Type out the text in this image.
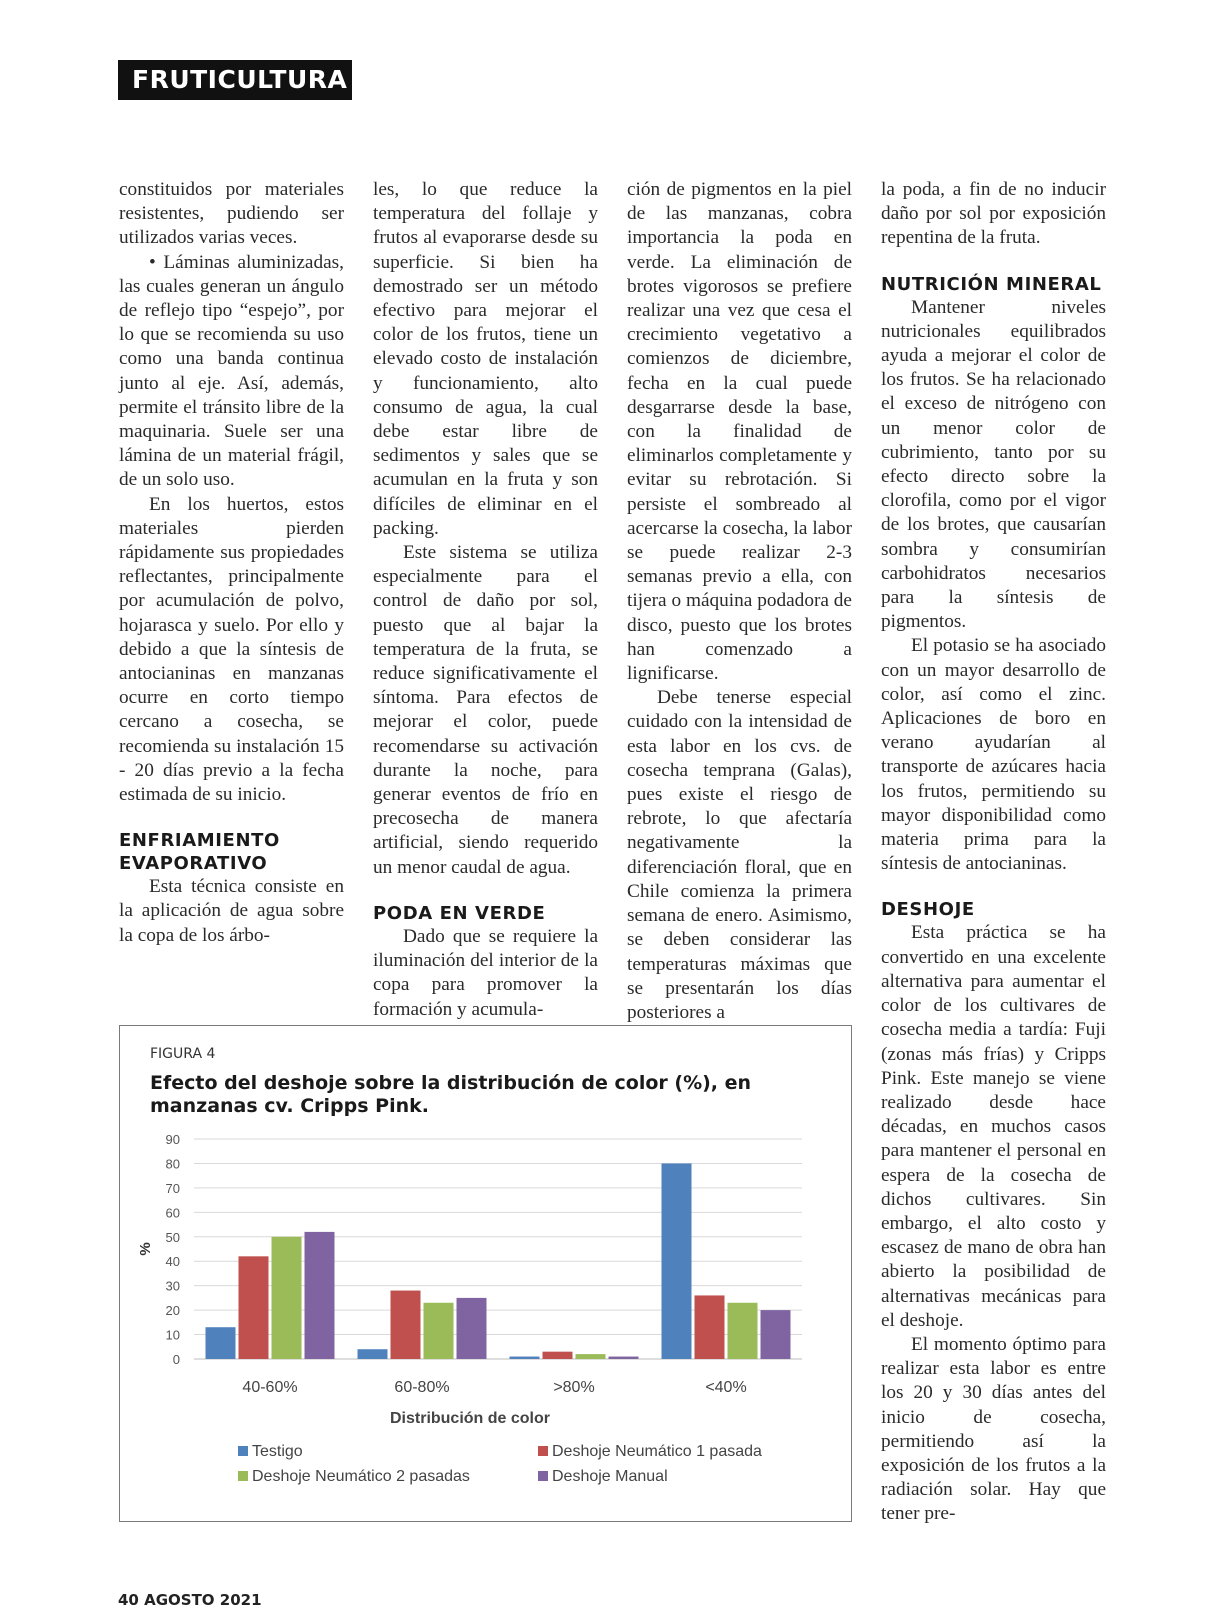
FRUTICULTURA

constituidos por materiales resistentes, pudiendo ser utilizados varias veces.

• Láminas aluminizadas, las cuales generan un ángulo de reflejo tipo “espejo”, por lo que se recomienda su uso como una banda continua junto al eje. Así, además, permite el tránsito libre de la maquinaria. Suele ser una lámina de un material frágil, de un solo uso.

En los huertos, estos materiales pierden rápidamente sus propiedades reflectantes, principalmente por acumulación de polvo, hojarasca y suelo. Por ello y debido a que la síntesis de antocianinas en manzanas ocurre en corto tiempo cercano a cosecha, se recomienda su instalación 15 - 20 días previo a la fecha estimada de su inicio.

ENFRIAMIENTO EVAPORATIVO

Esta técnica consiste en la aplicación de agua sobre la copa de los árbo-

les, lo que reduce la temperatura del follaje y frutos al evaporarse desde su superficie. Si bien ha demostrado ser un método efectivo para mejorar el color de los frutos, tiene un elevado costo de instalación y funcionamiento, alto consumo de agua, la cual debe estar libre de sedimentos y sales que se acumulan en la fruta y son difíciles de eliminar en el packing.

Este sistema se utiliza especialmente para el control de daño por sol, puesto que al bajar la temperatura de la fruta, se reduce significativamente el síntoma. Para efectos de mejorar el color, puede recomendarse su activación durante la noche, para generar eventos de frío en precosecha de manera artificial, siendo requerido un menor caudal de agua.

PODA EN VERDE

Dado que se requiere la iluminación del interior de la copa para promover la formación y acumula-

ción de pigmentos en la piel de las manzanas, cobra importancia la poda en verde. La eliminación de brotes vigorosos se prefiere realizar una vez que cesa el crecimiento vegetativo a comienzos de diciembre, fecha en la cual puede desgarrarse desde la base, con la finalidad de eliminarlos completamente y evitar su rebrotación. Si persiste el sombreado al acercarse la cosecha, la labor se puede realizar 2-3 semanas previo a ella, con tijera o máquina podadora de disco, puesto que los brotes han comenzado a lignificarse.

Debe tenerse especial cuidado con la intensidad de esta labor en los cvs. de cosecha temprana (Galas), pues existe el riesgo de rebrote, lo que afectaría negativamente la diferenciación floral, que en Chile comienza la primera semana de enero. Asimismo, se deben considerar las temperaturas máximas que se presentarán los días posteriores a

la poda, a fin de no inducir daño por sol por exposición repentina de la fruta.

NUTRICIÓN MINERAL

Mantener niveles nutricionales equilibrados ayuda a mejorar el color de los frutos. Se ha relacionado el exceso de nitrógeno con un menor color de cubrimiento, tanto por su efecto directo sobre la clorofila, como por el vigor de los brotes, que causarían sombra y consumirían carbohidratos necesarios para la síntesis de pigmentos.

El potasio se ha asociado con un mayor desarrollo de color, así como el zinc. Aplicaciones de boro en verano ayudarían al transporte de azúcares hacia los frutos, permitiendo su mayor disponibilidad como materia prima para la síntesis de antocianinas.

DESHOJE

Esta práctica se ha convertido en una excelente alternativa para aumentar el color de los cultivares de cosecha media a tardía: Fuji (zonas más frías) y Cripps Pink. Este manejo se viene realizado desde hace décadas, en muchos casos para mantener el personal en espera de la cosecha de dichos cultivares. Sin embargo, el alto costo y escasez de mano de obra han abierto la posibilidad de alternativas mecánicas para el deshoje.

El momento óptimo para realizar esta labor es entre los 20 y 30 días antes del inicio de cosecha, permitiendo así la exposición de los frutos a la radiación solar. Hay que tener pre-

0
10
20
30
40
50
60
70
80
90
%
40-60%	60-80%	>80%	<40%
Distribución de color
Testigo	Deshoje Neumático 1 pasada
Deshoje Neumático 2 pasadas	Deshoje Manual
FIGURA 4
Efecto del deshoje sobre la distribución de color (%), en manzanas cv. Cripps Pink.
40 AGOSTO 2021
